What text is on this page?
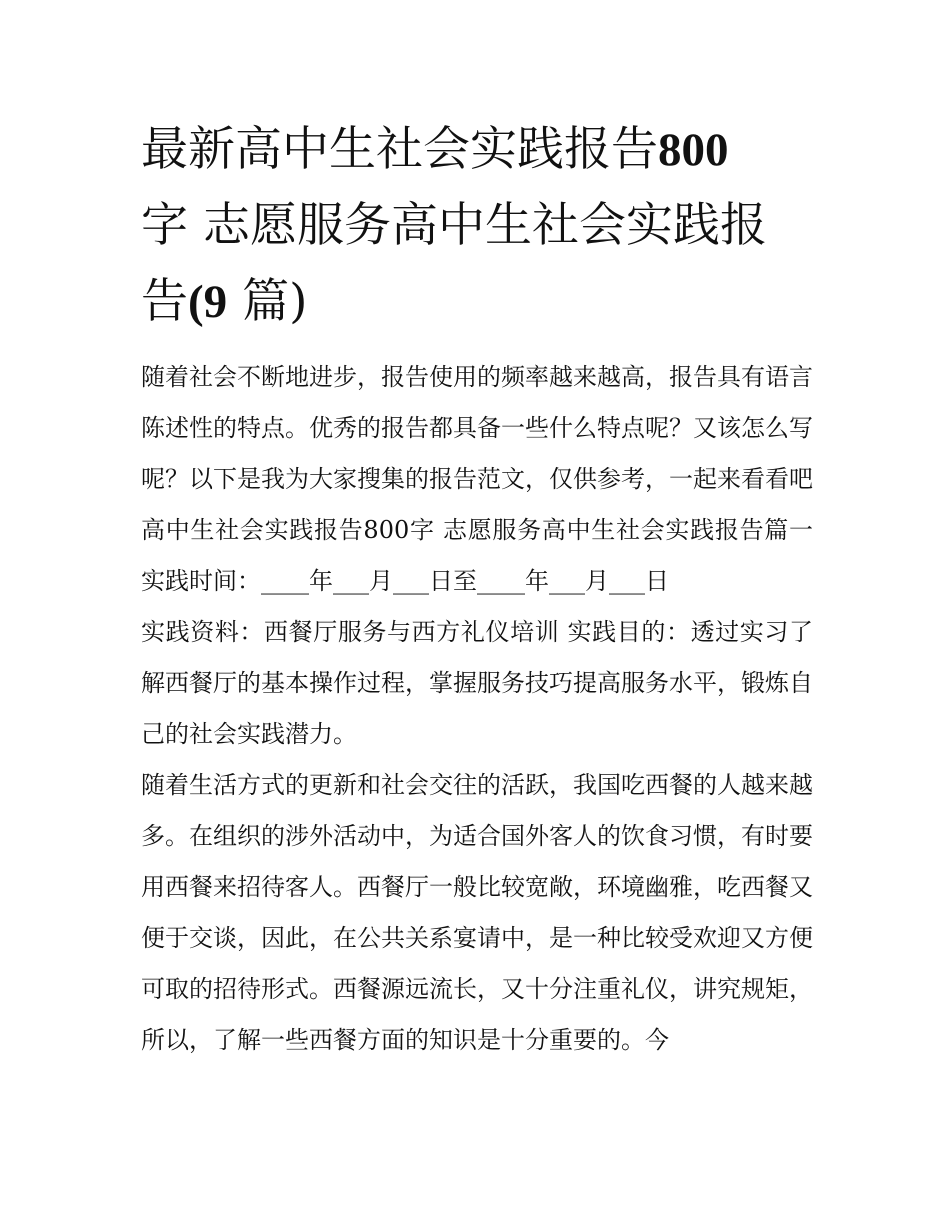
最新高中生社会实践报告800
字 志愿服务高中生社会实践报
告(9 篇)

随着社会不断地进步，报告使用的频率越来越高，报告具有语言陈述性的特点。优秀的报告都具备一些什么特点呢？又该怎么写呢？以下是我为大家搜集的报告范文，仅供参考，一起来看看吧

高中生社会实践报告800字 志愿服务高中生社会实践报告篇一 实践时间：____年___月___日至____年___月___日

实践资料：西餐厅服务与西方礼仪培训 实践目的：透过实习了解西餐厅的基本操作过程，掌握服务技巧提高服务水平，锻炼自己的社会实践潜力。

随着生活方式的更新和社会交往的活跃，我国吃西餐的人越来越多。在组织的涉外活动中，为适合国外客人的饮食习惯，有时要用西餐来招待客人。西餐厅一般比较宽敞，环境幽雅，吃西餐又便于交谈，因此，在公共关系宴请中，是一种比较受欢迎又方便可取的招待形式。西餐源远流长，又十分注重礼仪，讲究规矩，所以，了解一些西餐方面的知识是十分重要的。今
